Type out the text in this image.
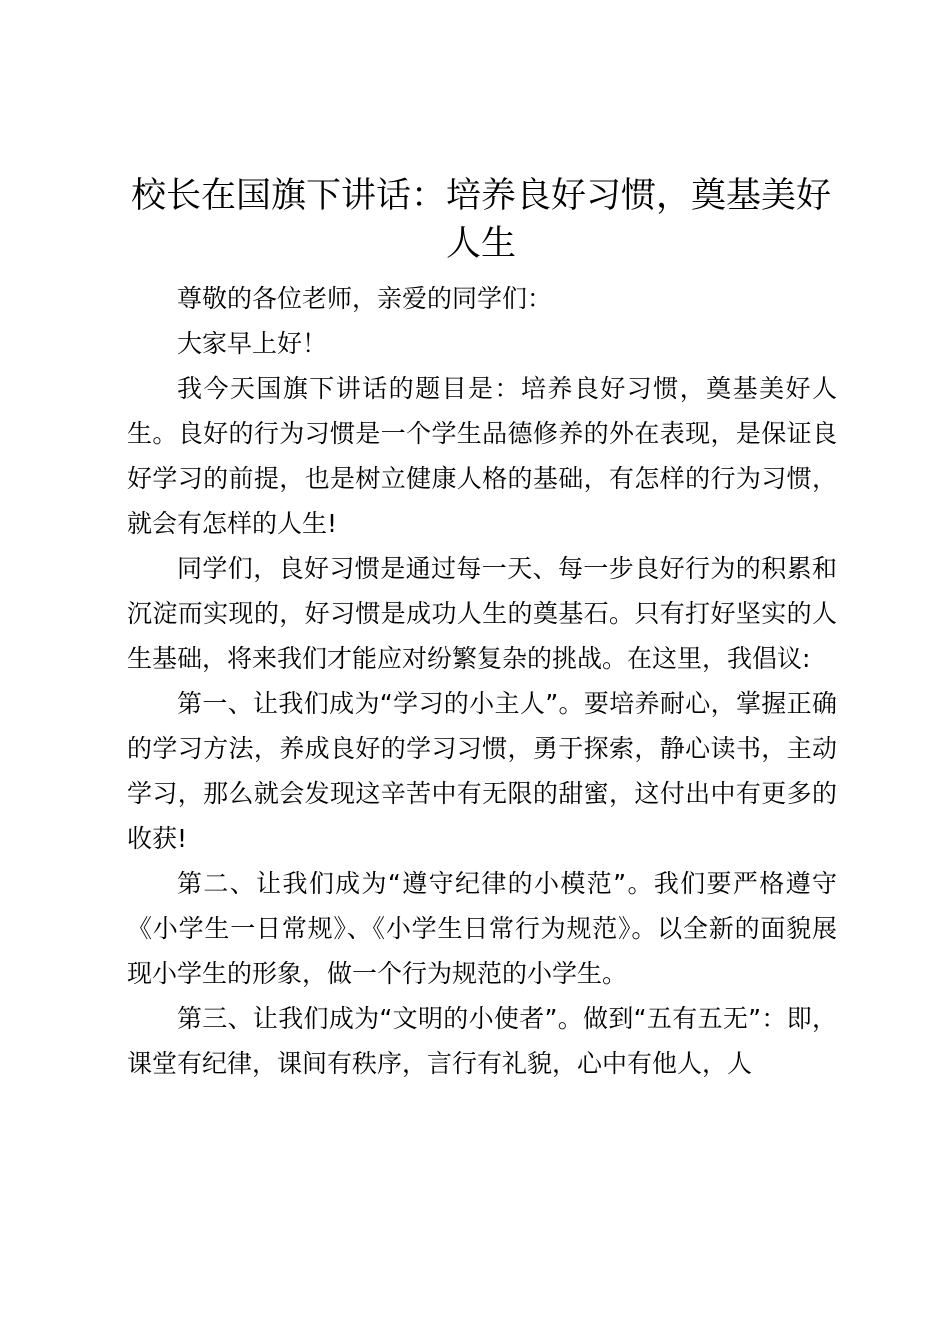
校长在国旗下讲话：培养良好习惯，奠基美好人生

尊敬的各位老师，亲爱的同学们：

大家早上好！

我今天国旗下讲话的题目是：培养良好习惯，奠基美好人生。良好的行为习惯是一个学生品德修养的外在表现，是保证良好学习的前提，也是树立健康人格的基础，有怎样的行为习惯，就会有怎样的人生!

同学们，良好习惯是通过每一天、每一步良好行为的积累和沉淀而实现的，好习惯是成功人生的奠基石。只有打好坚实的人生基础，将来我们才能应对纷繁复杂的挑战。在这里，我倡议:

第一、让我们成为“学习的小主人”。要培养耐心，掌握正确的学习方法，养成良好的学习习惯，勇于探索，静心读书，主动学习，那么就会发现这辛苦中有无限的甜蜜，这付出中有更多的收获!

第二、让我们成为“遵守纪律的小模范”。我们要严格遵守《小学生一日常规》、《小学生日常行为规范》。以全新的面貌展现小学生的形象，做一个行为规范的小学生。

第三、让我们成为“文明的小使者”。做到“五有五无”：即，课堂有纪律，课间有秩序，言行有礼貌，心中有他人，人
